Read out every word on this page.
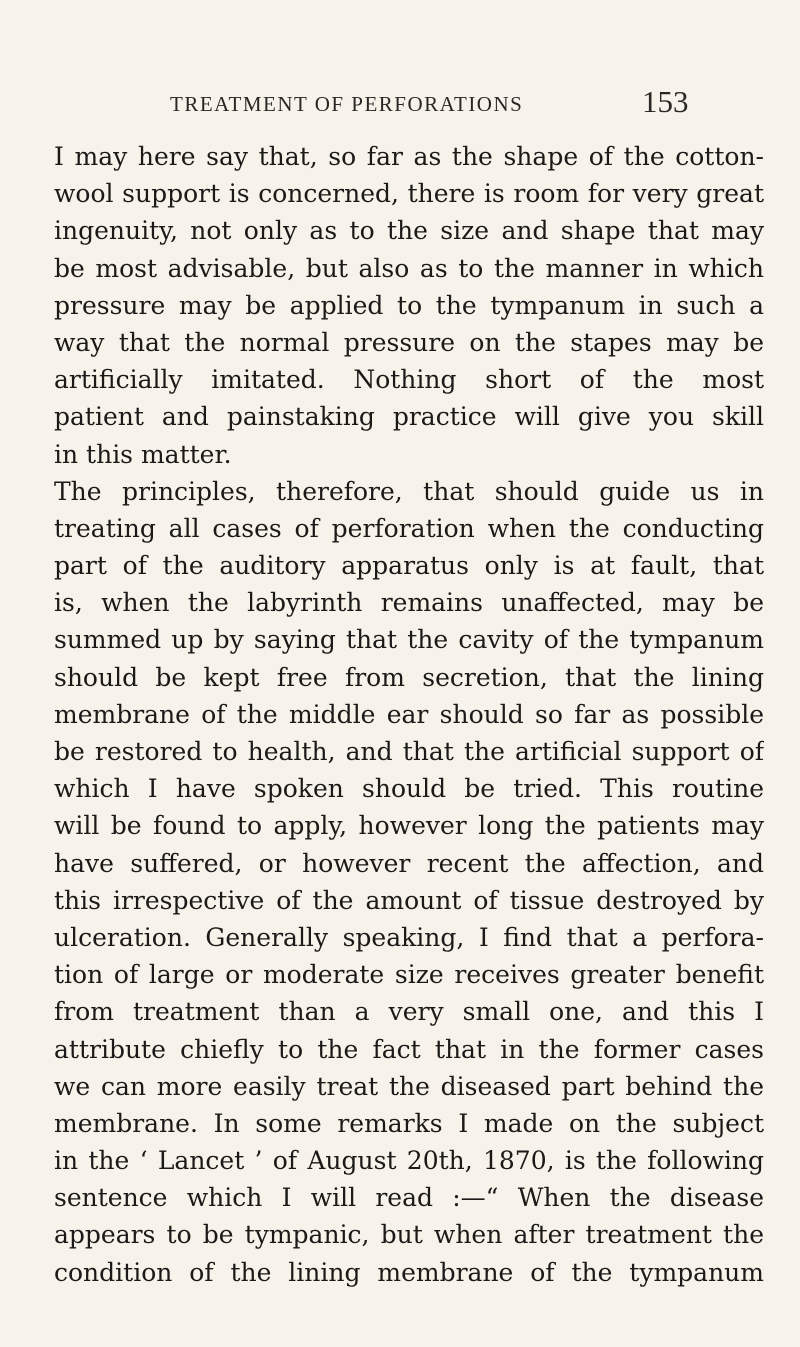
TREATMENT OF PERFORATIONS	153
I may here say that, so far as the shape of the cotton-
wool support is concerned, there is room for very great
ingenuity, not only as to the size and shape that may
be most advisable, but also as to the manner in which
pressure may be applied to the tympanum in such a
way that the normal pressure on the stapes may be
artificially imitated. Nothing short of the most
patient and painstaking practice will give you skill
in this matter.
The principles, therefore, that should guide us in
treating all cases of perforation when the conducting
part of the auditory apparatus only is at fault, that
is, when the labyrinth remains unaffected, may be
summed up by saying that the cavity of the tympanum
should be kept free from secretion, that the lining
membrane of the middle ear should so far as possible
be restored to health, and that the artificial support of
which I have spoken should be tried. This routine
will be found to apply, however long the patients may
have suffered, or however recent the affection, and
this irrespective of the amount of tissue destroyed by
ulceration. Generally speaking, I find that a perfora-
tion of large or moderate size receives greater benefit
from treatment than a very small one, and this I
attribute chiefly to the fact that in the former cases
we can more easily treat the diseased part behind the
membrane. In some remarks I made on the subject
in the ‘ Lancet ’ of August 20th, 1870, is the following
sentence which I will read :—“ When the disease
appears to be tympanic, but when after treatment the
condition of the lining membrane of the tympanum
